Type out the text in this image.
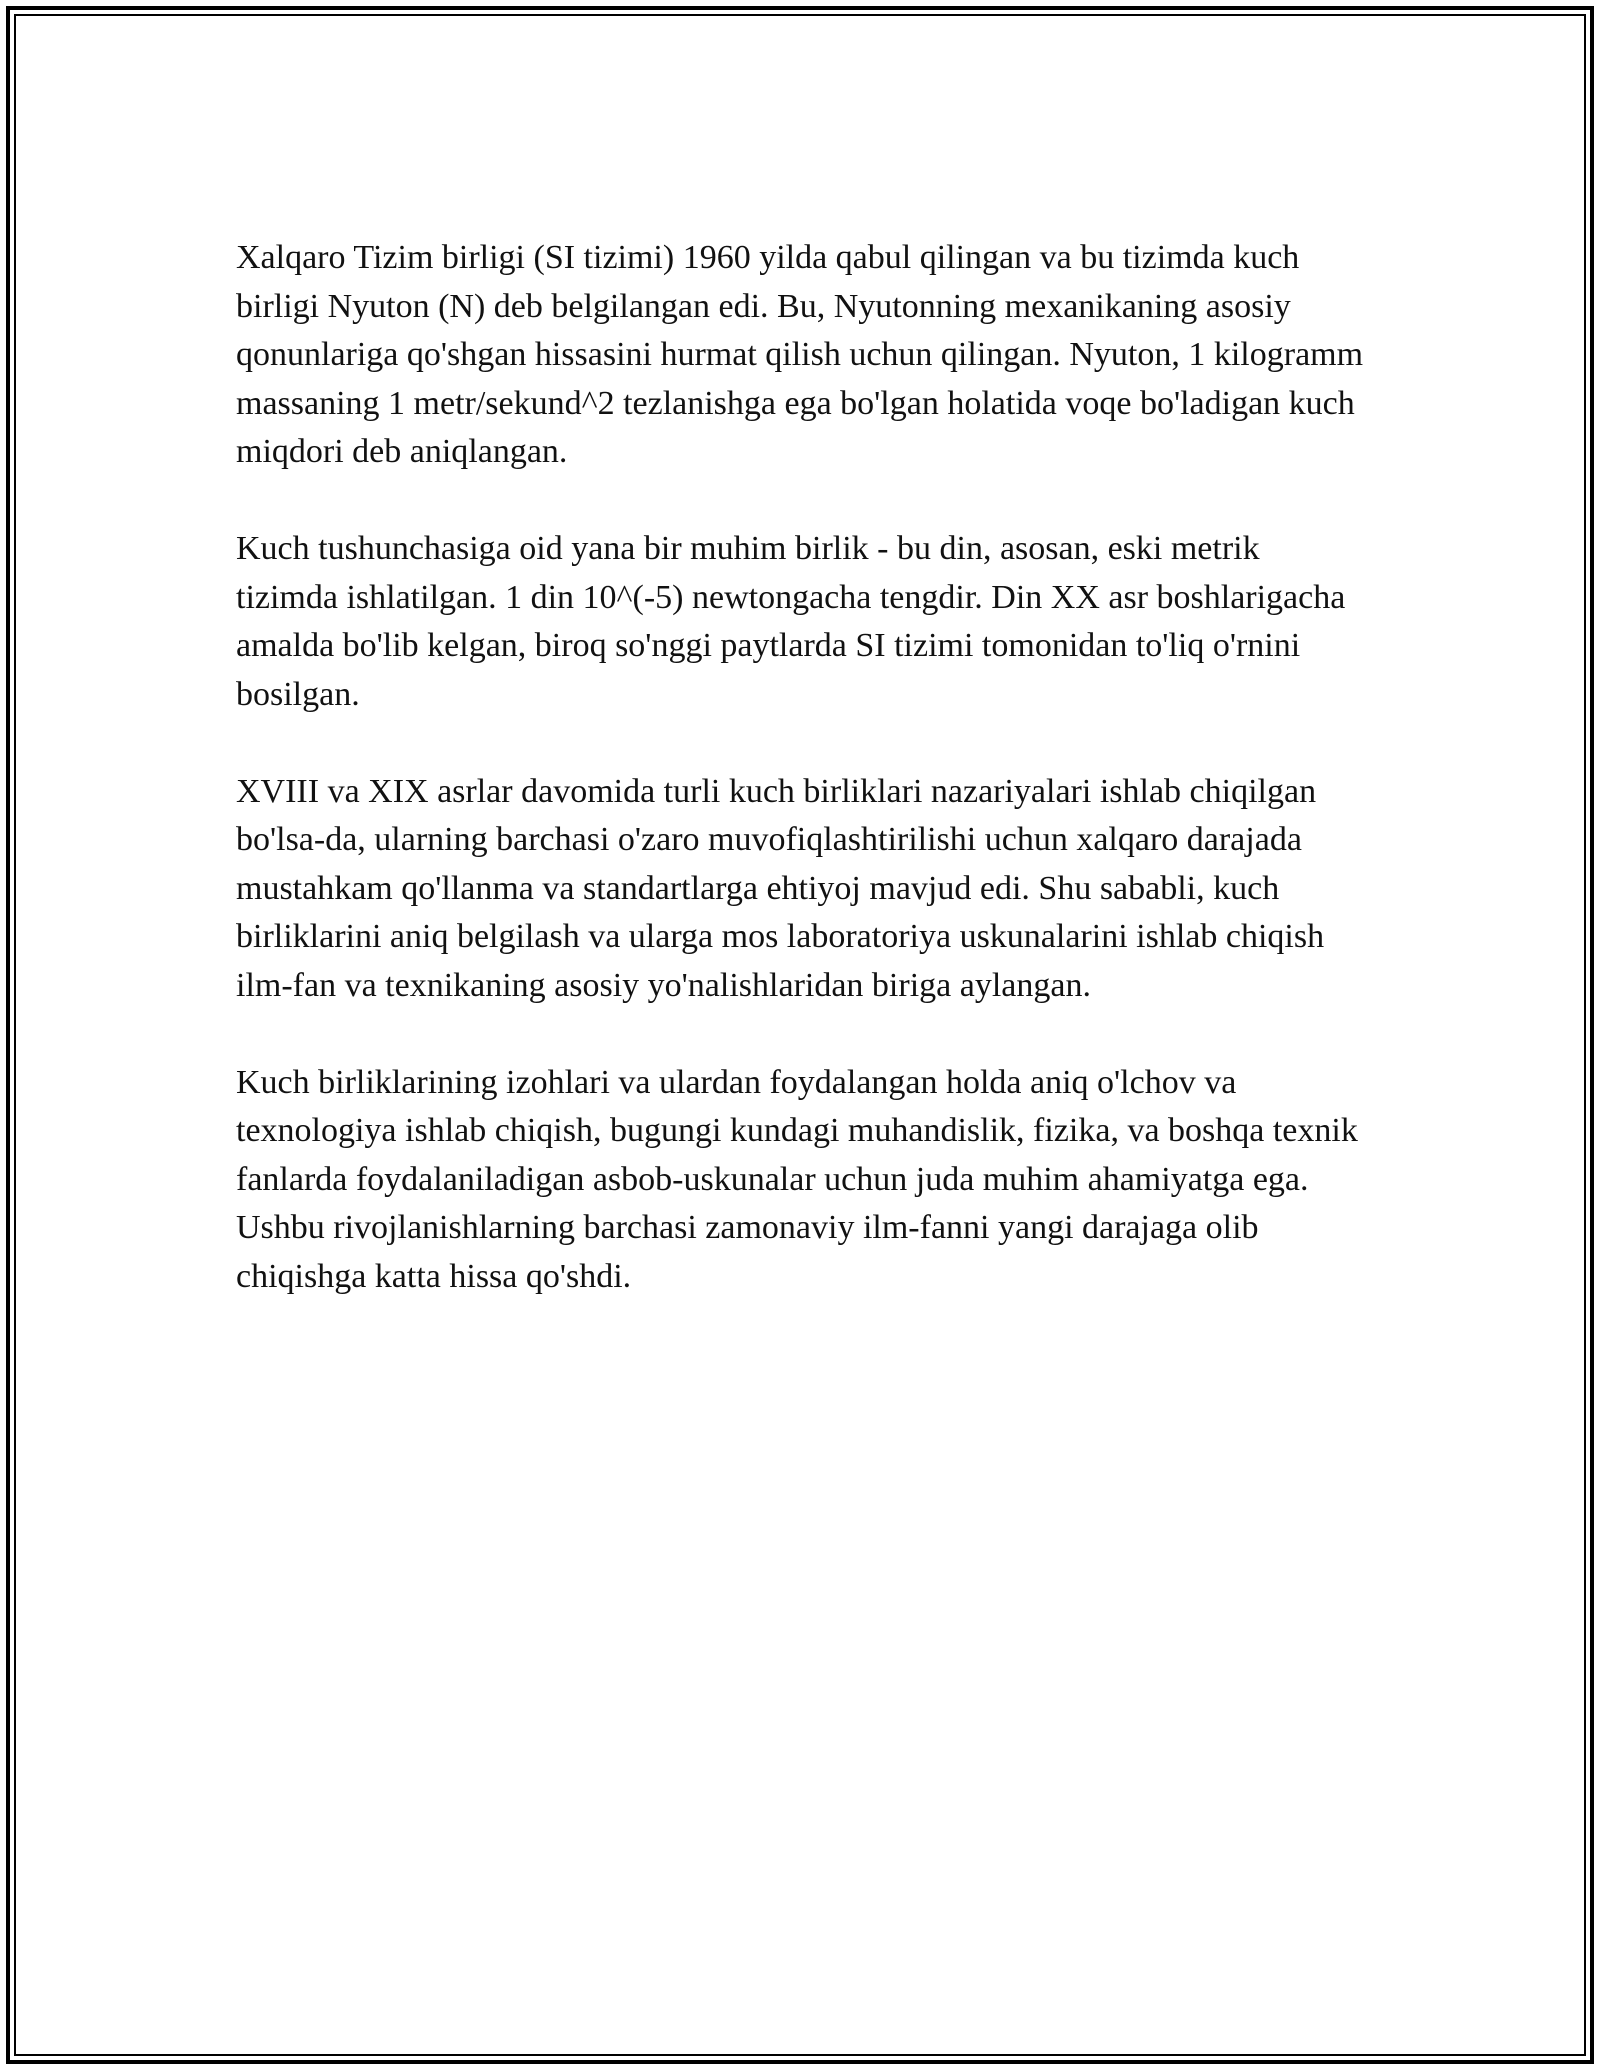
Xalqaro Tizim birligi (SI tizimi) 1960 yilda qabul qilingan va bu tizimda kuch birligi Nyuton (N) deb belgilangan edi. Bu, Nyutonning mexanikaning asosiy qonunlariga qo'shgan hissasini hurmat qilish uchun qilingan. Nyuton, 1 kilogramm massaning 1 metr/sekund^2 tezlanishga ega bo'lgan holatida voqe bo'ladigan kuch miqdori deb aniqlangan.

Kuch tushunchasiga oid yana bir muhim birlik - bu din, asosan, eski metrik tizimda ishlatilgan. 1 din 10^(-5) newtongacha tengdir. Din XX asr boshlarigacha amalda bo'lib kelgan, biroq so'nggi paytlarda SI tizimi tomonidan to'liq o'rnini bosilgan.

XVIII va XIX asrlar davomida turli kuch birliklari nazariyalari ishlab chiqilgan bo'lsa-da, ularning barchasi o'zaro muvofiqlashtirilishi uchun xalqaro darajada mustahkam qo'llanma va standartlarga ehtiyoj mavjud edi. Shu sababli, kuch birliklarini aniq belgilash va ularga mos laboratoriya uskunalarini ishlab chiqish ilm-fan va texnikaning asosiy yo'nalishlaridan biriga aylangan.

Kuch birliklarining izohlari va ulardan foydalangan holda aniq o'lchov va texnologiya ishlab chiqish, bugungi kundagi muhandislik, fizika, va boshqa texnik fanlarda foydalaniladigan asbob-uskunalar uchun juda muhim ahamiyatga ega. Ushbu rivojlanishlarning barchasi zamonaviy ilm-fanni yangi darajaga olib chiqishga katta hissa qo'shdi.
